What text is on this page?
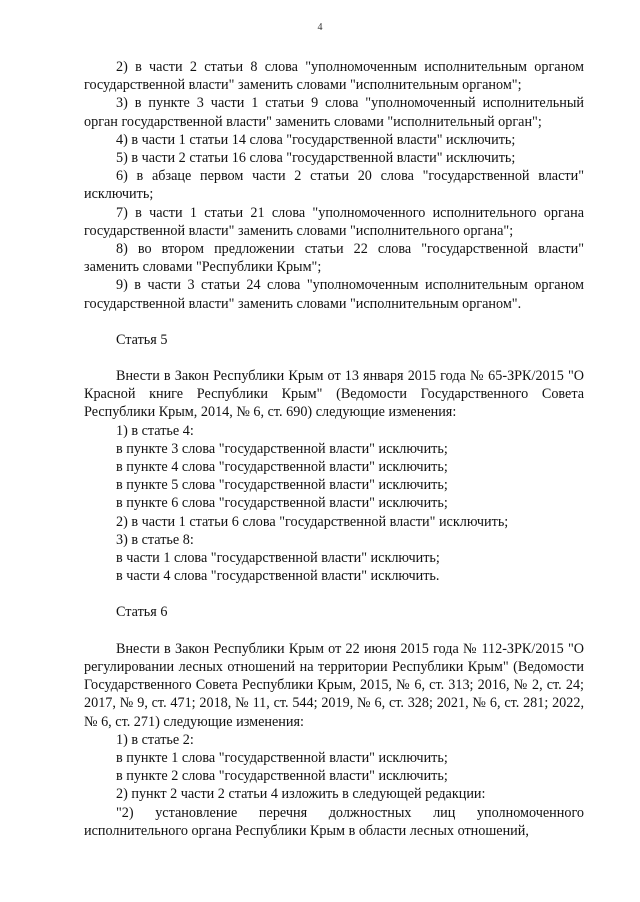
4

2) в части 2 статьи 8 слова "уполномоченным исполнительным органом государственной власти" заменить словами "исполнительным органом";

3) в пункте 3 части 1 статьи 9 слова "уполномоченный исполнительный орган государственной власти" заменить словами "исполнительный орган";

4) в части 1 статьи 14 слова "государственной власти" исключить;

5) в части 2 статьи 16 слова "государственной власти" исключить;

6) в абзаце первом части 2 статьи 20 слова "государственной власти" исключить;

7) в части 1 статьи 21 слова "уполномоченного исполнительного органа государственной власти" заменить словами "исполнительного органа";

8) во втором предложении статьи 22 слова "государственной власти" заменить словами "Республики Крым";

9) в части 3 статьи 24 слова "уполномоченным исполнительным органом государственной власти" заменить словами "исполнительным органом".

Статья 5

Внести в Закон Республики Крым от 13 января 2015 года № 65-ЗРК/2015 "О Красной книге Республики Крым" (Ведомости Государственного Совета Республики Крым, 2014, № 6, ст. 690) следующие изменения:

1) в статье 4:

в пункте 3 слова "государственной власти" исключить;

в пункте 4 слова "государственной власти" исключить;

в пункте 5 слова "государственной власти" исключить;

в пункте 6 слова "государственной власти" исключить;

2) в части 1 статьи 6 слова "государственной власти" исключить;

3) в статье 8:

в части 1 слова "государственной власти" исключить;

в части 4 слова "государственной власти" исключить.

Статья 6

Внести в Закон Республики Крым от 22 июня 2015 года № 112-ЗРК/2015 "О регулировании лесных отношений на территории Республики Крым" (Ведомости Государственного Совета Республики Крым, 2015, № 6, ст. 313; 2016, № 2, ст. 24; 2017, № 9, ст. 471; 2018, № 11, ст. 544; 2019, № 6, ст. 328; 2021, № 6, ст. 281; 2022, № 6, ст. 271) следующие изменения:

1) в статье 2:

в пункте 1 слова "государственной власти" исключить;

в пункте 2 слова "государственной власти" исключить;

2) пункт 2 части 2 статьи 4 изложить в следующей редакции:

"2) установление перечня должностных лиц уполномоченного исполнительного органа Республики Крым в области лесных отношений,
